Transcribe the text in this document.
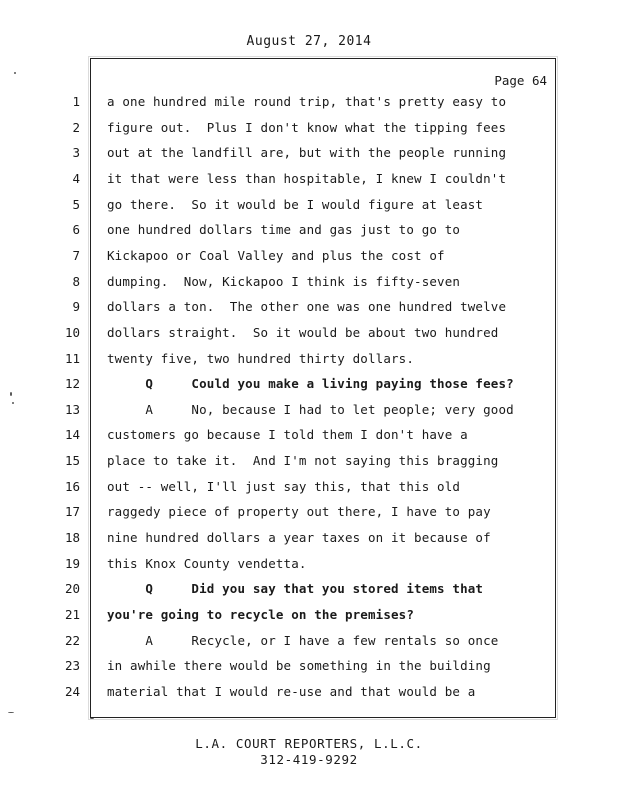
August 27, 2014
Page 64
1 a one hundred mile round trip, that's pretty easy to
2 figure out.  Plus I don't know what the tipping fees
3 out at the landfill are, but with the people running
4 it that were less than hospitable, I knew I couldn't
5 go there.  So it would be I would figure at least
6 one hundred dollars time and gas just to go to
7 Kickapoo or Coal Valley and plus the cost of
8 dumping.  Now, Kickapoo I think is fifty-seven
9 dollars a ton.  The other one was one hundred twelve
10 dollars straight.  So it would be about two hundred
11 twenty five, two hundred thirty dollars.
12 Q     Could you make a living paying those fees?
13 A     No, because I had to let people; very good
14 customers go because I told them I don't have a
15 place to take it.  And I'm not saying this bragging
16 out -- well, I'll just say this, that this old
17 raggedy piece of property out there, I have to pay
18 nine hundred dollars a year taxes on it because of
19 this Knox County vendetta.
20 Q     Did you say that you stored items that
21 you're going to recycle on the premises?
22 A     Recycle, or I have a few rentals so once
23 in awhile there would be something in the building
24 material that I would re-use and that would be a
L.A. COURT REPORTERS, L.L.C.
312-419-9292
